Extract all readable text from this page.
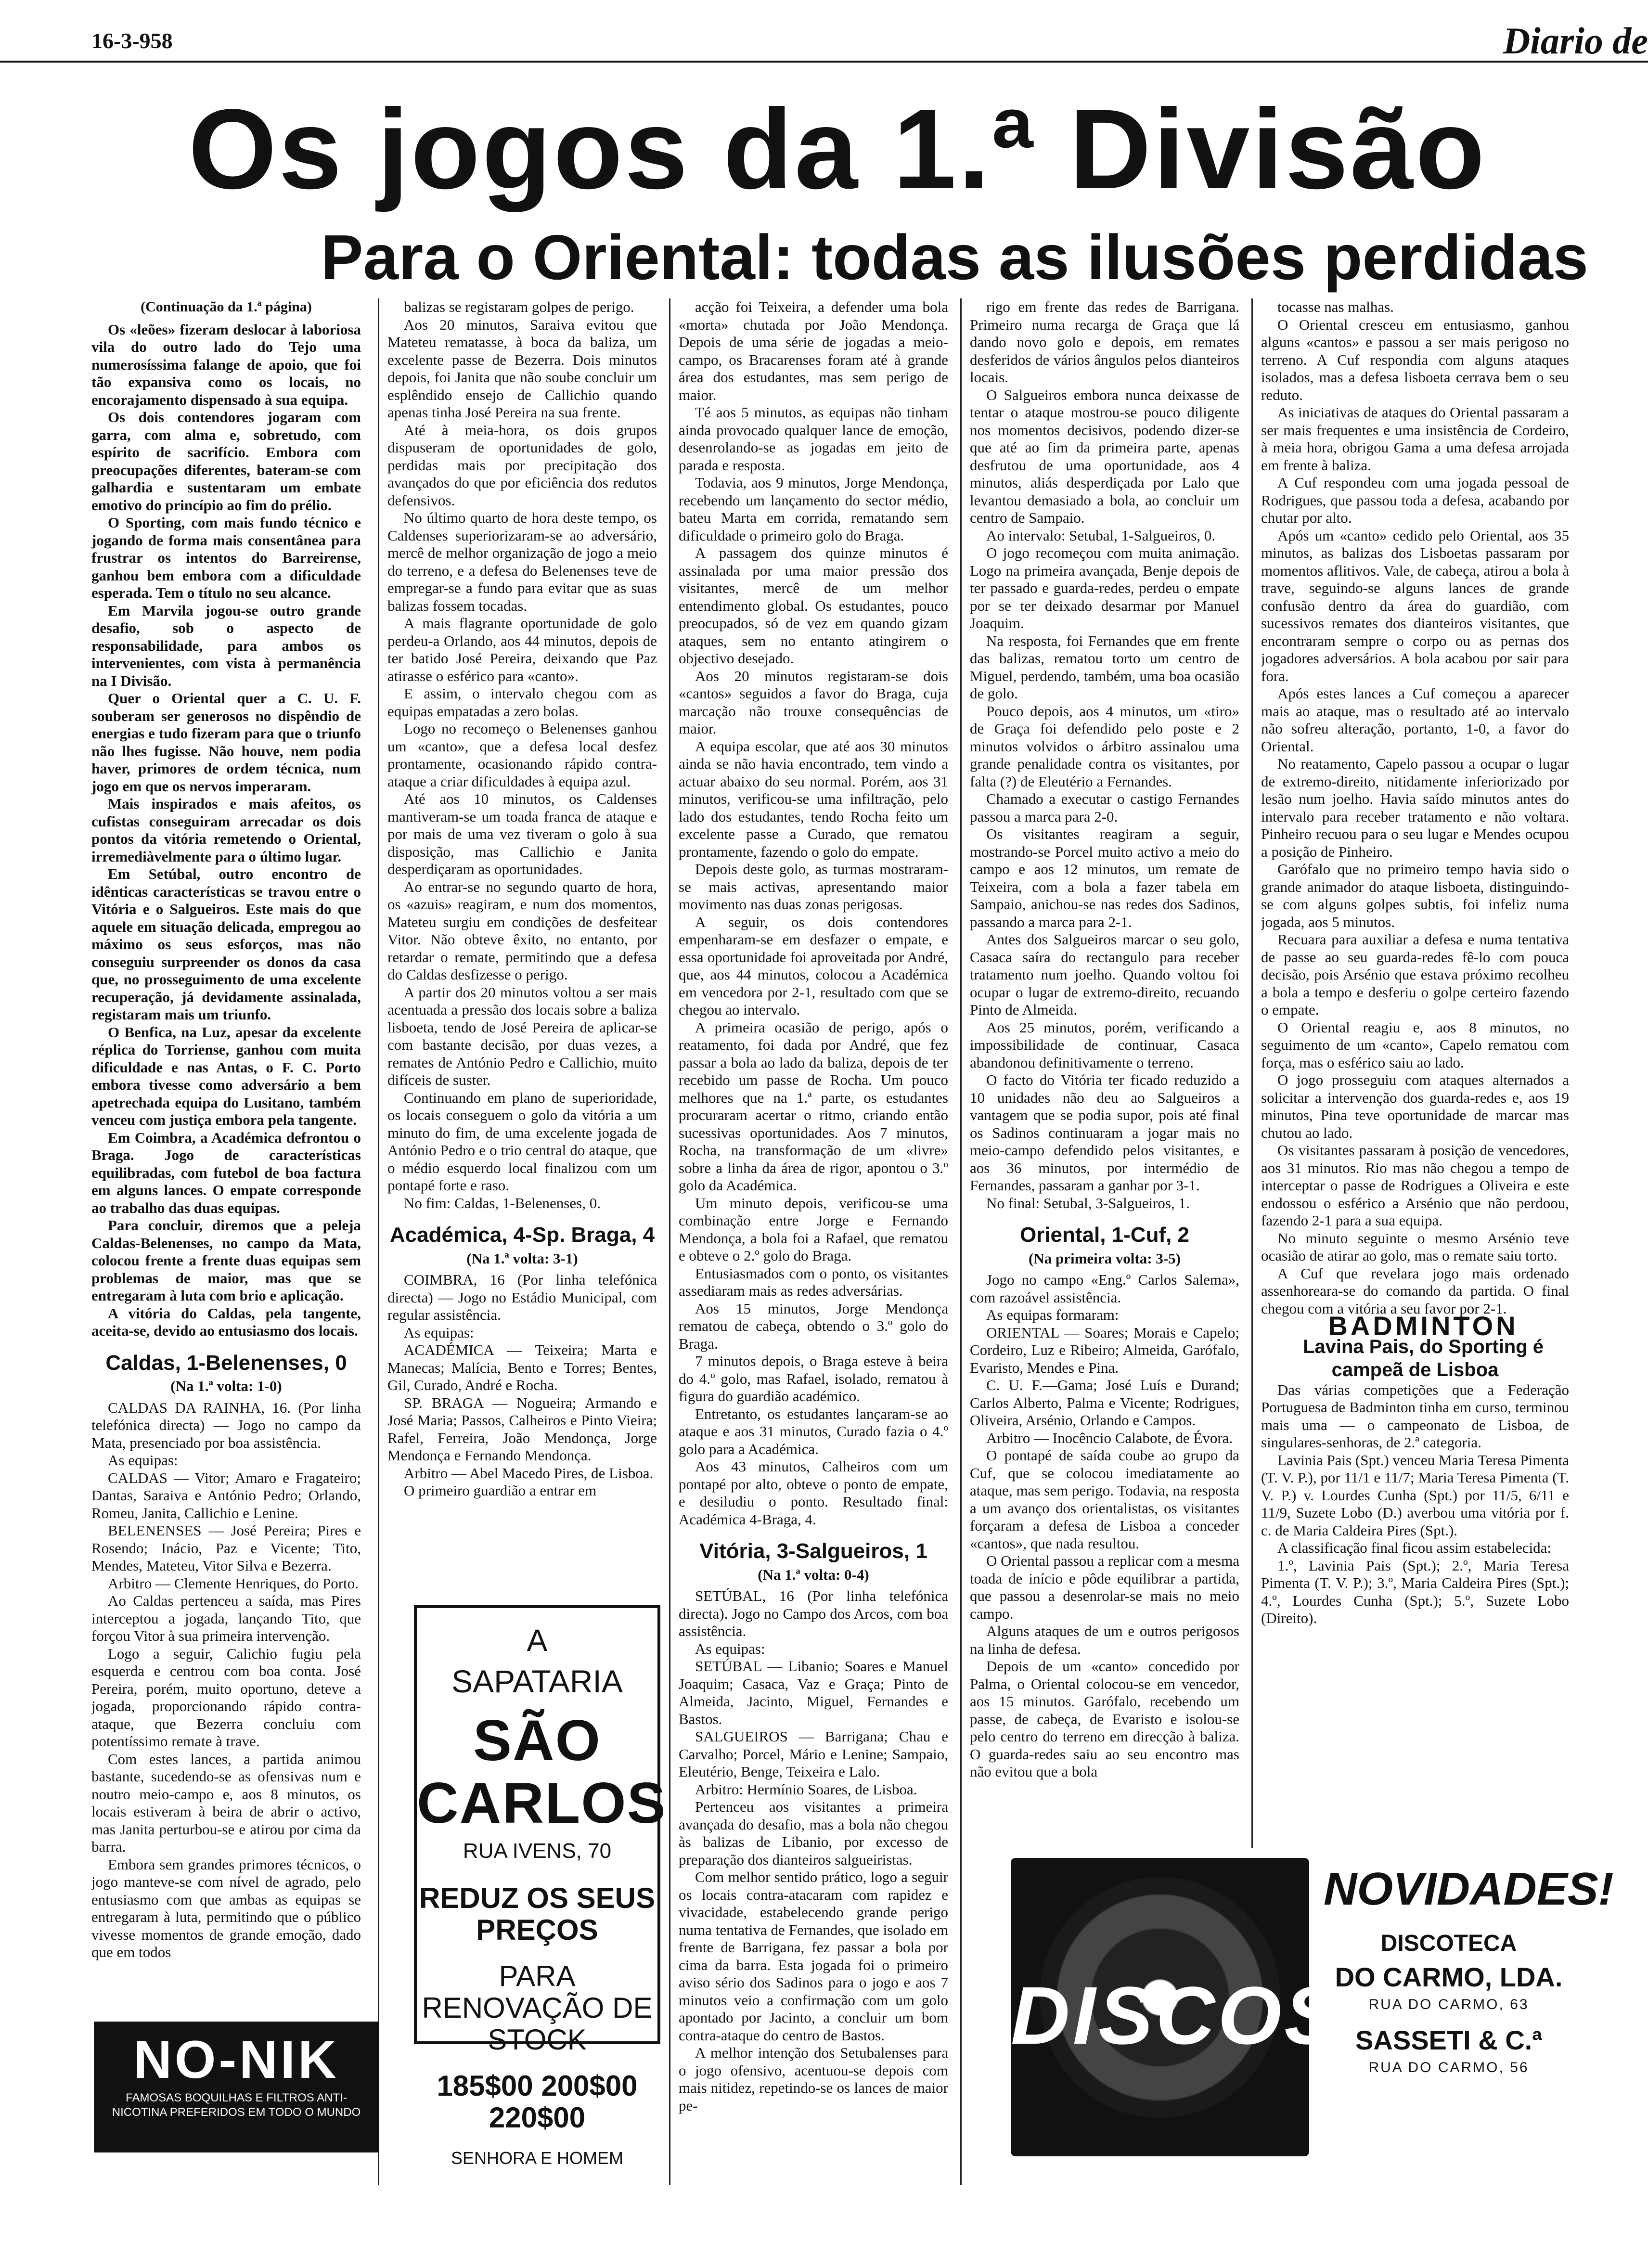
16-3-958	Diario de
Os jogos da 1.ª Divisão
Para o Oriental: todas as ilusões perdidas

(Continuação da 1.ª página)

Os «leões» fizeram deslocar à laboriosa vila do outro lado do Tejo uma numerosíssima falange de apoio, que foi tão expansiva como os locais, no encorajamento dispensado à sua equipa.

Os dois contendores jogaram com garra, com alma e, sobretudo, com espírito de sacrifício. Embora com preocupações diferentes, bateram-se com galhardia e sustentaram um embate emotivo do princípio ao fim do prélio.

O Sporting, com mais fundo técnico e jogando de forma mais consentânea para frustrar os intentos do Barreirense, ganhou bem embora com a dificuldade esperada. Tem o título no seu alcance.

Em Marvila jogou-se outro grande desafio, sob o aspecto de responsabilidade, para ambos os intervenientes, com vista à permanência na I Divisão.

Quer o Oriental quer a C. U. F. souberam ser generosos no dispêndio de energias e tudo fizeram para que o triunfo não lhes fugisse. Não houve, nem podia haver, primores de ordem técnica, num jogo em que os nervos imperaram.

Mais inspirados e mais afeitos, os cufistas conseguiram arrecadar os dois pontos da vitória remetendo o Oriental, irremediàvelmente para o último lugar.

Em Setúbal, outro encontro de idênticas características se travou entre o Vitória e o Salgueiros. Este mais do que aquele em situação delicada, empregou ao máximo os seus esforços, mas não conseguiu surpreender os donos da casa que, no prosseguimento de uma excelente recuperação, já devidamente assinalada, registaram mais um triunfo.

O Benfica, na Luz, apesar da excelente réplica do Torriense, ganhou com muita dificuldade e nas Antas, o F. C. Porto embora tivesse como adversário a bem apetrechada equipa do Lusitano, também venceu com justiça embora pela tangente.

Em Coimbra, a Académica defrontou o Braga. Jogo de características equilibradas, com futebol de boa factura em alguns lances. O empate corresponde ao trabalho das duas equipas.

Para concluir, diremos que a peleja Caldas-Belenenses, no campo da Mata, colocou frente a frente duas equipas sem problemas de maior, mas que se entregaram à luta com brio e aplicação.

A vitória do Caldas, pela tangente, aceita-se, devido ao entusiasmo dos locais.

Caldas, 1-Belenenses, 0

(Na 1.ª volta: 1-0)

CALDAS DA RAINHA, 16. (Por linha telefónica directa) — Jogo no campo da Mata, presenciado por boa assistência.

As equipas:

CALDAS — Vitor; Amaro e Fragateiro; Dantas, Saraiva e António Pedro; Orlando, Romeu, Janita, Callichio e Lenine.

BELENENSES — José Pereira; Pires e Rosendo; Inácio, Paz e Vicente; Tito, Mendes, Mateteu, Vitor Silva e Bezerra.

Arbitro — Clemente Henriques, do Porto.

Ao Caldas pertenceu a saída, mas Pires interceptou a jogada, lançando Tito, que forçou Vitor à sua primeira intervenção.

Logo a seguir, Calichio fugiu pela esquerda e centrou com boa conta. José Pereira, porém, muito oportuno, deteve a jogada, proporcionando rápido contra-ataque, que Bezerra concluiu com potentíssimo remate à trave.

Com estes lances, a partida animou bastante, sucedendo-se as ofensivas num e noutro meio-campo e, aos 8 minutos, os locais estiveram à beira de abrir o activo, mas Janita perturbou-se e atirou por cima da barra.

Embora sem grandes primores técnicos, o jogo manteve-se com nível de agrado, pelo entusiasmo com que ambas as equipas se entregaram à luta, permitindo que o público vivesse momentos de grande emoção, dado que em todos

balizas se registaram golpes de perigo.

Aos 20 minutos, Saraiva evitou que Mateteu rematasse, à boca da baliza, um excelente passe de Bezerra. Dois minutos depois, foi Janita que não soube concluir um esplêndido ensejo de Callichio quando apenas tinha José Pereira na sua frente.

Até à meia-hora, os dois grupos dispuseram de oportunidades de golo, perdidas mais por precipitação dos avançados do que por eficiência dos redutos defensivos.

No último quarto de hora deste tempo, os Caldenses superiorizaram-se ao adversário, mercê de melhor organização de jogo a meio do terreno, e a defesa do Belenenses teve de empregar-se a fundo para evitar que as suas balizas fossem tocadas.

A mais flagrante oportunidade de golo perdeu-a Orlando, aos 44 minutos, depois de ter batido José Pereira, deixando que Paz atirasse o esférico para «canto».

E assim, o intervalo chegou com as equipas empatadas a zero bolas.

Logo no recomeço o Belenenses ganhou um «canto», que a defesa local desfez prontamente, ocasionando rápido contra-ataque a criar dificuldades à equipa azul.

Até aos 10 minutos, os Caldenses mantiveram-se um toada franca de ataque e por mais de uma vez tiveram o golo à sua disposição, mas Callichio e Janita desperdiçaram as oportunidades.

Ao entrar-se no segundo quarto de hora, os «azuis» reagiram, e num dos momentos, Mateteu surgiu em condições de desfeitear Vitor. Não obteve êxito, no entanto, por retardar o remate, permitindo que a defesa do Caldas desfizesse o perigo.

A partir dos 20 minutos voltou a ser mais acentuada a pressão dos locais sobre a baliza lisboeta, tendo de José Pereira de aplicar-se com bastante decisão, por duas vezes, a remates de António Pedro e Callichio, muito difíceis de suster.

Continuando em plano de superioridade, os locais conseguem o golo da vitória a um minuto do fim, de uma excelente jogada de António Pedro e o trio central do ataque, que o médio esquerdo local finalizou com um pontapé forte e raso.

No fim: Caldas, 1-Belenenses, 0.

Académica, 4-Sp. Braga, 4

(Na 1.ª volta: 3-1)

COIMBRA, 16 (Por linha telefónica directa) — Jogo no Estádio Municipal, com regular assistência.

As equipas:

ACADÉMICA — Teixeira; Marta e Manecas; Malícia, Bento e Torres; Bentes, Gil, Curado, André e Rocha.

SP. BRAGA — Nogueira; Armando e José Maria; Passos, Calheiros e Pinto Vieira; Rafel, Ferreira, João Mendonça, Jorge Mendonça e Fernando Mendonça.

Arbitro — Abel Macedo Pires, de Lisboa.

O primeiro guardião a entrar em

acção foi Teixeira, a defender uma bola «morta» chutada por João Mendonça. Depois de uma série de jogadas a meio-campo, os Bracarenses foram até à grande área dos estudantes, mas sem perigo de maior.

Té aos 5 minutos, as equipas não tinham ainda provocado qualquer lance de emoção, desenrolando-se as jogadas em jeito de parada e resposta.

Todavia, aos 9 minutos, Jorge Mendonça, recebendo um lançamento do sector médio, bateu Marta em corrida, rematando sem dificuldade o primeiro golo do Braga.

A passagem dos quinze minutos é assinalada por uma maior pressão dos visitantes, mercê de um melhor entendimento global. Os estudantes, pouco preocupados, só de vez em quando gizam ataques, sem no entanto atingirem o objectivo desejado.

Aos 20 minutos registaram-se dois «cantos» seguidos a favor do Braga, cuja marcação não trouxe consequências de maior.

A equipa escolar, que até aos 30 minutos ainda se não havia encontrado, tem vindo a actuar abaixo do seu normal. Porém, aos 31 minutos, verificou-se uma infiltração, pelo lado dos estudantes, tendo Rocha feito um excelente passe a Curado, que rematou prontamente, fazendo o golo do empate.

Depois deste golo, as turmas mostraram-se mais activas, apresentando maior movimento nas duas zonas perigosas.

A seguir, os dois contendores empenharam-se em desfazer o empate, e essa oportunidade foi aproveitada por André, que, aos 44 minutos, colocou a Académica em vencedora por 2-1, resultado com que se chegou ao intervalo.

A primeira ocasião de perigo, após o reatamento, foi dada por André, que fez passar a bola ao lado da baliza, depois de ter recebido um passe de Rocha. Um pouco melhores que na 1.ª parte, os estudantes procuraram acertar o ritmo, criando então sucessivas oportunidades. Aos 7 minutos, Rocha, na transformação de um «livre» sobre a linha da área de rigor, apontou o 3.º golo da Académica.

Um minuto depois, verificou-se uma combinação entre Jorge e Fernando Mendonça, a bola foi a Rafael, que rematou e obteve o 2.º golo do Braga.

Entusiasmados com o ponto, os visitantes assediaram mais as redes adversárias.

Aos 15 minutos, Jorge Mendonça rematou de cabeça, obtendo o 3.º golo do Braga.

7 minutos depois, o Braga esteve à beira do 4.º golo, mas Rafael, isolado, rematou à figura do guardião académico.

Entretanto, os estudantes lançaram-se ao ataque e aos 31 minutos, Curado fazia o 4.º golo para a Académica.

Aos 43 minutos, Calheiros com um pontapé por alto, obteve o ponto de empate, e desiludiu o ponto. Resultado final: Académica 4-Braga, 4.

Vitória, 3-Salgueiros, 1

(Na 1.ª volta: 0-4)

SETÚBAL, 16 (Por linha telefónica directa). Jogo no Campo dos Arcos, com boa assistência.

As equipas:

SETÚBAL — Libanio; Soares e Manuel Joaquim; Casaca, Vaz e Graça; Pinto de Almeida, Jacinto, Miguel, Fernandes e Bastos.

SALGUEIROS — Barrigana; Chau e Carvalho; Porcel, Mário e Lenine; Sampaio, Eleutério, Benge, Teixeira e Lalo.

Arbitro: Hermínio Soares, de Lisboa.

Pertenceu aos visitantes a primeira avançada do desafio, mas a bola não chegou às balizas de Libanio, por excesso de preparação dos dianteiros salgueiristas.

Com melhor sentido prático, logo a seguir os locais contra-atacaram com rapidez e vivacidade, estabelecendo grande perigo numa tentativa de Fernandes, que isolado em frente de Barrigana, fez passar a bola por cima da barra. Esta jogada foi o primeiro aviso sério dos Sadinos para o jogo e aos 7 minutos veio a confirmação com um golo apontado por Jacinto, a concluir um bom contra-ataque do centro de Bastos.

A melhor intenção dos Setubalenses para o jogo ofensivo, acentuou-se depois com mais nitidez, repetindo-se os lances de maior pe-

rigo em frente das redes de Barrigana. Primeiro numa recarga de Graça que lá dando novo golo e depois, em remates desferidos de vários ângulos pelos dianteiros locais.

O Salgueiros embora nunca deixasse de tentar o ataque mostrou-se pouco diligente nos momentos decisivos, podendo dizer-se que até ao fim da primeira parte, apenas desfrutou de uma oportunidade, aos 4 minutos, aliás desperdiçada por Lalo que levantou demasiado a bola, ao concluir um centro de Sampaio.

Ao intervalo: Setubal, 1-Salgueiros, 0.

O jogo recomeçou com muita animação. Logo na primeira avançada, Benje depois de ter passado e guarda-redes, perdeu o empate por se ter deixado desarmar por Manuel Joaquim.

Na resposta, foi Fernandes que em frente das balizas, rematou torto um centro de Miguel, perdendo, também, uma boa ocasião de golo.

Pouco depois, aos 4 minutos, um «tiro» de Graça foi defendido pelo poste e 2 minutos volvidos o árbitro assinalou uma grande penalidade contra os visitantes, por falta (?) de Eleutério a Fernandes.

Chamado a executar o castigo Fernandes passou a marca para 2-0.

Os visitantes reagiram a seguir, mostrando-se Porcel muito activo a meio do campo e aos 12 minutos, um remate de Teixeira, com a bola a fazer tabela em Sampaio, anichou-se nas redes dos Sadinos, passando a marca para 2-1.

Antes dos Salgueiros marcar o seu golo, Casaca saíra do rectangulo para receber tratamento num joelho. Quando voltou foi ocupar o lugar de extremo-direito, recuando Pinto de Almeida.

Aos 25 minutos, porém, verificando a impossibilidade de continuar, Casaca abandonou definitivamente o terreno.

O facto do Vitória ter ficado reduzido a 10 unidades não deu ao Salgueiros a vantagem que se podia supor, pois até final os Sadinos continuaram a jogar mais no meio-campo defendido pelos visitantes, e aos 36 minutos, por intermédio de Fernandes, passaram a ganhar por 3-1.

No final: Setubal, 3-Salgueiros, 1.

Oriental, 1-Cuf, 2

(Na primeira volta: 3-5)

Jogo no campo «Eng.º Carlos Salema», com razoável assistência.

As equipas formaram:

ORIENTAL — Soares; Morais e Capelo; Cordeiro, Luz e Ribeiro; Almeida, Garófalo, Evaristo, Mendes e Pina.

C. U. F.—Gama; José Luís e Durand; Carlos Alberto, Palma e Vicente; Rodrigues, Oliveira, Arsénio, Orlando e Campos.

Arbitro — Inocêncio Calabote, de Évora.

O pontapé de saída coube ao grupo da Cuf, que se colocou imediatamente ao ataque, mas sem perigo. Todavia, na resposta a um avanço dos orientalistas, os visitantes forçaram a defesa de Lisboa a conceder «cantos», que nada resultou.

O Oriental passou a replicar com a mesma toada de início e pôde equilibrar a partida, que passou a desenrolar-se mais no meio campo.

Alguns ataques de um e outros perigosos na linha de defesa.

Depois de um «canto» concedido por Palma, o Oriental colocou-se em vencedor, aos 15 minutos. Garófalo, recebendo um passe, de cabeça, de Evaristo e isolou-se pelo centro do terreno em direcção à baliza. O guarda-redes saiu ao seu encontro mas não evitou que a bola

tocasse nas malhas.

O Oriental cresceu em entusiasmo, ganhou alguns «cantos» e passou a ser mais perigoso no terreno. A Cuf respondia com alguns ataques isolados, mas a defesa lisboeta cerrava bem o seu reduto.

As iniciativas de ataques do Oriental passaram a ser mais frequentes e uma insistência de Cordeiro, à meia hora, obrigou Gama a uma defesa arrojada em frente à baliza.

A Cuf respondeu com uma jogada pessoal de Rodrigues, que passou toda a defesa, acabando por chutar por alto.

Após um «canto» cedido pelo Oriental, aos 35 minutos, as balizas dos Lisboetas passaram por momentos aflitivos. Vale, de cabeça, atirou a bola à trave, seguindo-se alguns lances de grande confusão dentro da área do guardião, com sucessivos remates dos dianteiros visitantes, que encontraram sempre o corpo ou as pernas dos jogadores adversários. A bola acabou por sair para fora.

Após estes lances a Cuf começou a aparecer mais ao ataque, mas o resultado até ao intervalo não sofreu alteração, portanto, 1-0, a favor do Oriental.

No reatamento, Capelo passou a ocupar o lugar de extremo-direito, nitidamente inferiorizado por lesão num joelho. Havia saído minutos antes do intervalo para receber tratamento e não voltara. Pinheiro recuou para o seu lugar e Mendes ocupou a posição de Pinheiro.

Garófalo que no primeiro tempo havia sido o grande animador do ataque lisboeta, distinguindo-se com alguns golpes subtis, foi infeliz numa jogada, aos 5 minutos.

Recuara para auxiliar a defesa e numa tentativa de passe ao seu guarda-redes fê-lo com pouca decisão, pois Arsénio que estava próximo recolheu a bola a tempo e desferiu o golpe certeiro fazendo o empate.

O Oriental reagiu e, aos 8 minutos, no seguimento de um «canto», Capelo rematou com força, mas o esférico saiu ao lado.

O jogo prosseguiu com ataques alternados a solicitar a intervenção dos guarda-redes e, aos 19 minutos, Pina teve oportunidade de marcar mas chutou ao lado.

Os visitantes passaram à posição de vencedores, aos 31 minutos. Rio mas não chegou a tempo de interceptar o passe de Rodrigues a Oliveira e este endossou o esférico a Arsénio que não perdoou, fazendo 2-1 para a sua equipa.

No minuto seguinte o mesmo Arsénio teve ocasião de atirar ao golo, mas o remate saiu torto.

A Cuf que revelara jogo mais ordenado assenhoreara-se do comando da partida. O final chegou com a vitória a seu favor por 2-1.

BADMINTON

Lavina Pais, do Sporting é campeã de Lisboa

Das várias competições que a Federação Portuguesa de Badminton tinha em curso, terminou mais uma — o campeonato de Lisboa, de singulares-senhoras, de 2.ª categoria.

Lavinia Pais (Spt.) venceu Maria Teresa Pimenta (T. V. P.), por 11/1 e 11/7; Maria Teresa Pimenta (T. V. P.) v. Lourdes Cunha (Spt.) por 11/5, 6/11 e 11/9, Suzete Lobo (D.) averbou uma vitória por f. c. de Maria Caldeira Pires (Spt.).

A classificação final ficou assim estabelecida:

1.º, Lavinia Pais (Spt.); 2.º, Maria Teresa Pimenta (T. V. P.); 3.º, Maria Caldeira Pires (Spt.); 4.º, Lourdes Cunha (Spt.); 5.º, Suzete Lobo (Direito).

A
SAPATARIA
SÃO CARLOS
RUA IVENS, 70
REDUZ OS SEUS PREÇOS
PARA RENOVAÇÃO DE STOCK
185$00 200$00 220$00
SENHORA E HOMEM
NO-NIK
FAMOSAS BOQUILHAS E FILTROS ANTI-NICOTINA PREFERIDOS EM TODO O MUNDO
DISCOS
NOVIDADES!
DISCOTECA
DO CARMO, LDA.
RUA DO CARMO, 63
SASSETI & C.ª
RUA DO CARMO, 56
